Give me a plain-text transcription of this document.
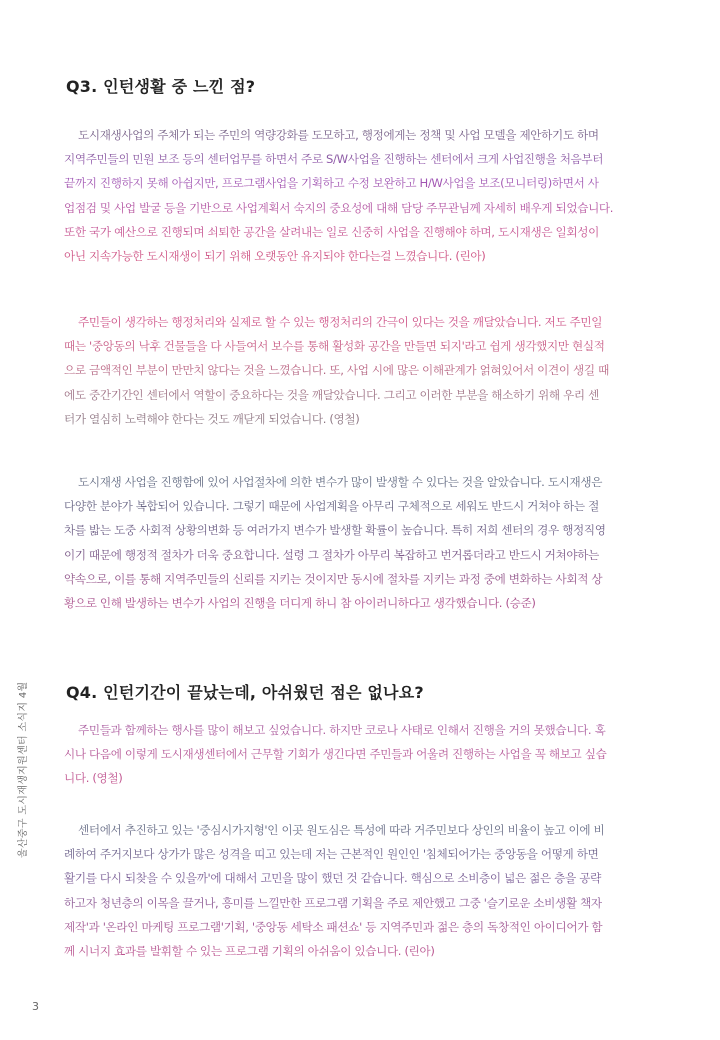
Q3. 인턴생활 중 느낀 점?

도시재생사업의 주체가 되는 주민의 역량강화를 도모하고, 행정에게는 정책 및 사업 모델을 제안하기도 하며
지역주민들의 민원 보조 등의 센터업무를 하면서 주로 S/W사업을 진행하는 센터에서 크게 사업진행을 처음부터
끝까지 진행하지 못해 아쉽지만, 프로그램사업을 기획하고 수정 보완하고 H/W사업을 보조(모니터링)하면서 사
업점검 및 사업 발굴 등을 기반으로 사업계획서 숙지의 중요성에 대해 담당 주무관님께 자세히 배우게 되었습니다.
또한 국가 예산으로 진행되며 쇠퇴한 공간을 살려내는 일로 신중히 사업을 진행해야 하며, 도시재생은 일회성이
아닌 지속가능한 도시재생이 되기 위해 오랫동안 유지되야 한다는걸 느꼈습니다. (린아)

주민들이 생각하는 행정처리와 실제로 할 수 있는 행정처리의 간극이 있다는 것을 깨달았습니다. 저도 주민일
때는 '중앙동의 낙후 건물들을 다 사들여서 보수를 통해 활성화 공간을 만들면 되지'라고 쉽게 생각했지만 현실적
으로 금액적인 부분이 만만치 않다는 것을 느꼈습니다. 또, 사업 시에 많은 이해관계가 얽혀있어서 이견이 생길 때
에도 중간기간인 센터에서 역할이 중요하다는 것을 깨달았습니다. 그리고 이러한 부분을 해소하기 위해 우리 센
터가 열심히 노력해야 한다는 것도 깨닫게 되었습니다. (영철)

도시재생 사업을 진행함에 있어 사업절차에 의한 변수가 많이 발생할 수 있다는 것을 알았습니다. 도시재생은
다양한 분야가 복합되어 있습니다. 그렇기 때문에 사업계획을 아무리 구체적으로 세워도 반드시 거쳐야 하는 절
차를 밟는 도중 사회적 상황의변화 등 여러가지 변수가 발생할 확률이 높습니다. 특히 저희 센터의 경우 행정직영
이기 때문에 행정적 절차가 더욱 중요합니다. 설령 그 절차가 아무리 복잡하고 번거롭더라고 반드시 거쳐야하는
약속으로, 이를 통해 지역주민들의 신뢰를 지키는 것이지만 동시에 절차를 지키는 과정 중에 변화하는 사회적 상
황으로 인해 발생하는 변수가 사업의 진행을 더디게 하니 참 아이러니하다고 생각했습니다. (승준)

Q4. 인턴기간이 끝났는데, 아쉬웠던 점은 없나요?

주민들과 함께하는 행사를 많이 해보고 싶었습니다. 하지만 코로나 사태로 인해서 진행을 거의 못했습니다. 혹
시나 다음에 이렇게 도시재생센터에서 근무할 기회가 생긴다면 주민들과 어울려 진행하는 사업을 꼭 해보고 싶습
니다. (영철)

센터에서 추진하고 있는 '중심시가지형'인 이곳 원도심은 특성에 따라 거주민보다 상인의 비율이 높고 이에 비
례하여 주거지보다 상가가 많은 성격을 띠고 있는데 저는 근본적인 원인인 '침체되어가는 중앙동을 어떻게 하면
활기를 다시 되찾을 수 있을까'에 대해서 고민을 많이 했던 것 같습니다. 핵심으로 소비층이 넓은 젊은 층을 공략
하고자 청년층의 이목을 끌거나, 흥미를 느낄만한 프로그램 기획을 주로 제안했고 그중 '슬기로운 소비생활 책자
제작'과 '온라인 마케팅 프로그램'기획, '중앙동 세탁소 패션쇼' 등 지역주민과 젊은 층의 독창적인 아이디어가 함
께 시너지 효과를 발휘할 수 있는 프로그램 기획의 아쉬움이 있습니다. (린아)

울산중구 도시재생지원센터 소식지 4월
3
